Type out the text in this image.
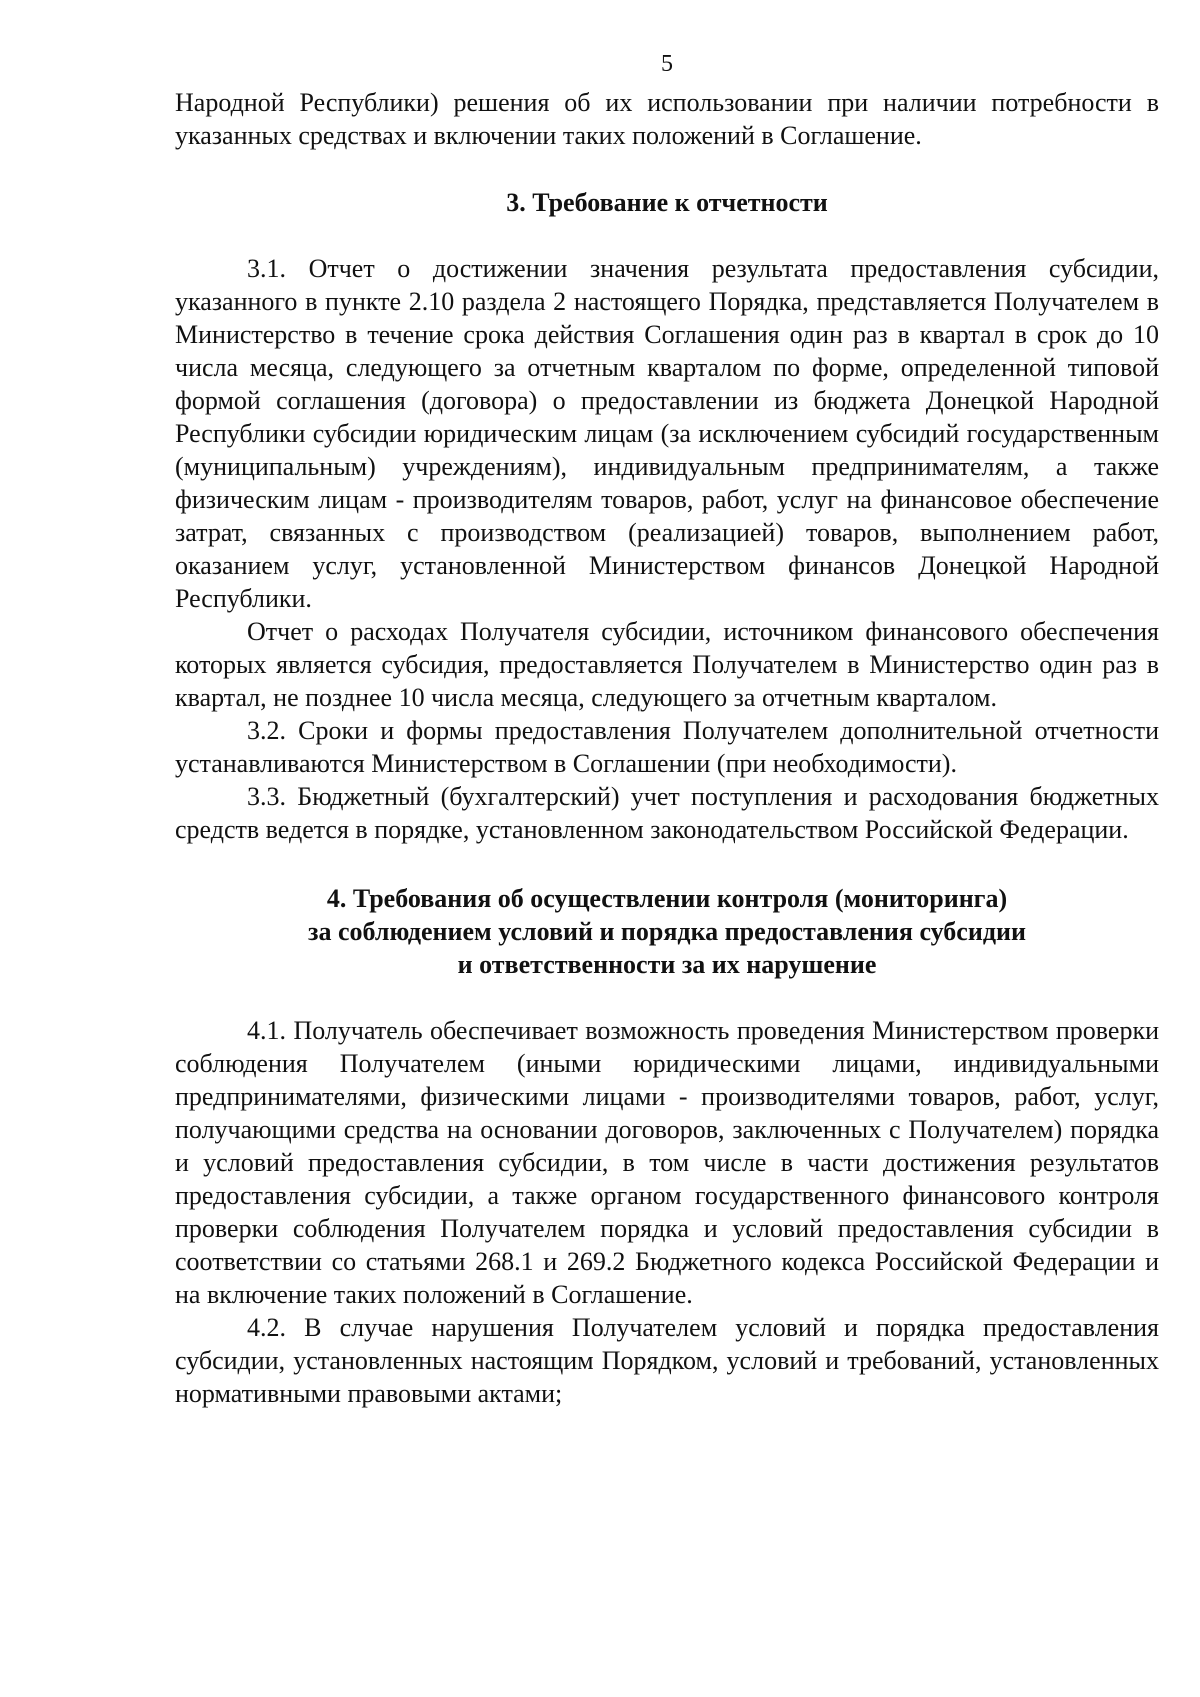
5

Народной Республики) решения об их использовании при наличии потребности в указанных средствах и включении таких положений в Соглашение.

3. Требование к отчетности

3.1. Отчет о достижении значения результата предоставления субсидии, указанного в пункте 2.10 раздела 2 настоящего Порядка, представляется Получателем в Министерство в течение срока действия Соглашения один раз в квартал в срок до 10 числа месяца, следующего за отчетным кварталом по форме, определенной типовой формой соглашения (договора) о предоставлении из бюджета Донецкой Народной Республики субсидии юридическим лицам (за исключением субсидий государственным (муниципальным) учреждениям), индивидуальным предпринимателям, а также физическим лицам - производителям товаров, работ, услуг на финансовое обеспечение затрат, связанных с производством (реализацией) товаров, выполнением работ, оказанием услуг, установленной Министерством финансов Донецкой Народной Республики.

Отчет о расходах Получателя субсидии, источником финансового обеспечения которых является субсидия, предоставляется Получателем в Министерство один раз в квартал, не позднее 10 числа месяца, следующего за отчетным кварталом.

3.2. Сроки и формы предоставления Получателем дополнительной отчетности устанавливаются Министерством в Соглашении (при необходимости).

3.3. Бюджетный (бухгалтерский) учет поступления и расходования бюджетных средств ведется в порядке, установленном законодательством Российской Федерации.

4. Требования об осуществлении контроля (мониторинга)
за соблюдением условий и порядка предоставления субсидии
и ответственности за их нарушение

4.1. Получатель обеспечивает возможность проведения Министерством проверки соблюдения Получателем (иными юридическими лицами, индивидуальными предпринимателями, физическими лицами - производителями товаров, работ, услуг, получающими средства на основании договоров, заключенных с Получателем) порядка и условий предоставления субсидии, в том числе в части достижения результатов предоставления субсидии, а также органом государственного финансового контроля проверки соблюдения Получателем порядка и условий предоставления субсидии в соответствии со статьями 268.1 и 269.2 Бюджетного кодекса Российской Федерации и на включение таких положений в Соглашение.

4.2. В случае нарушения Получателем условий и порядка предоставления субсидии, установленных настоящим Порядком, условий и требований, установленных нормативными правовыми актами;
